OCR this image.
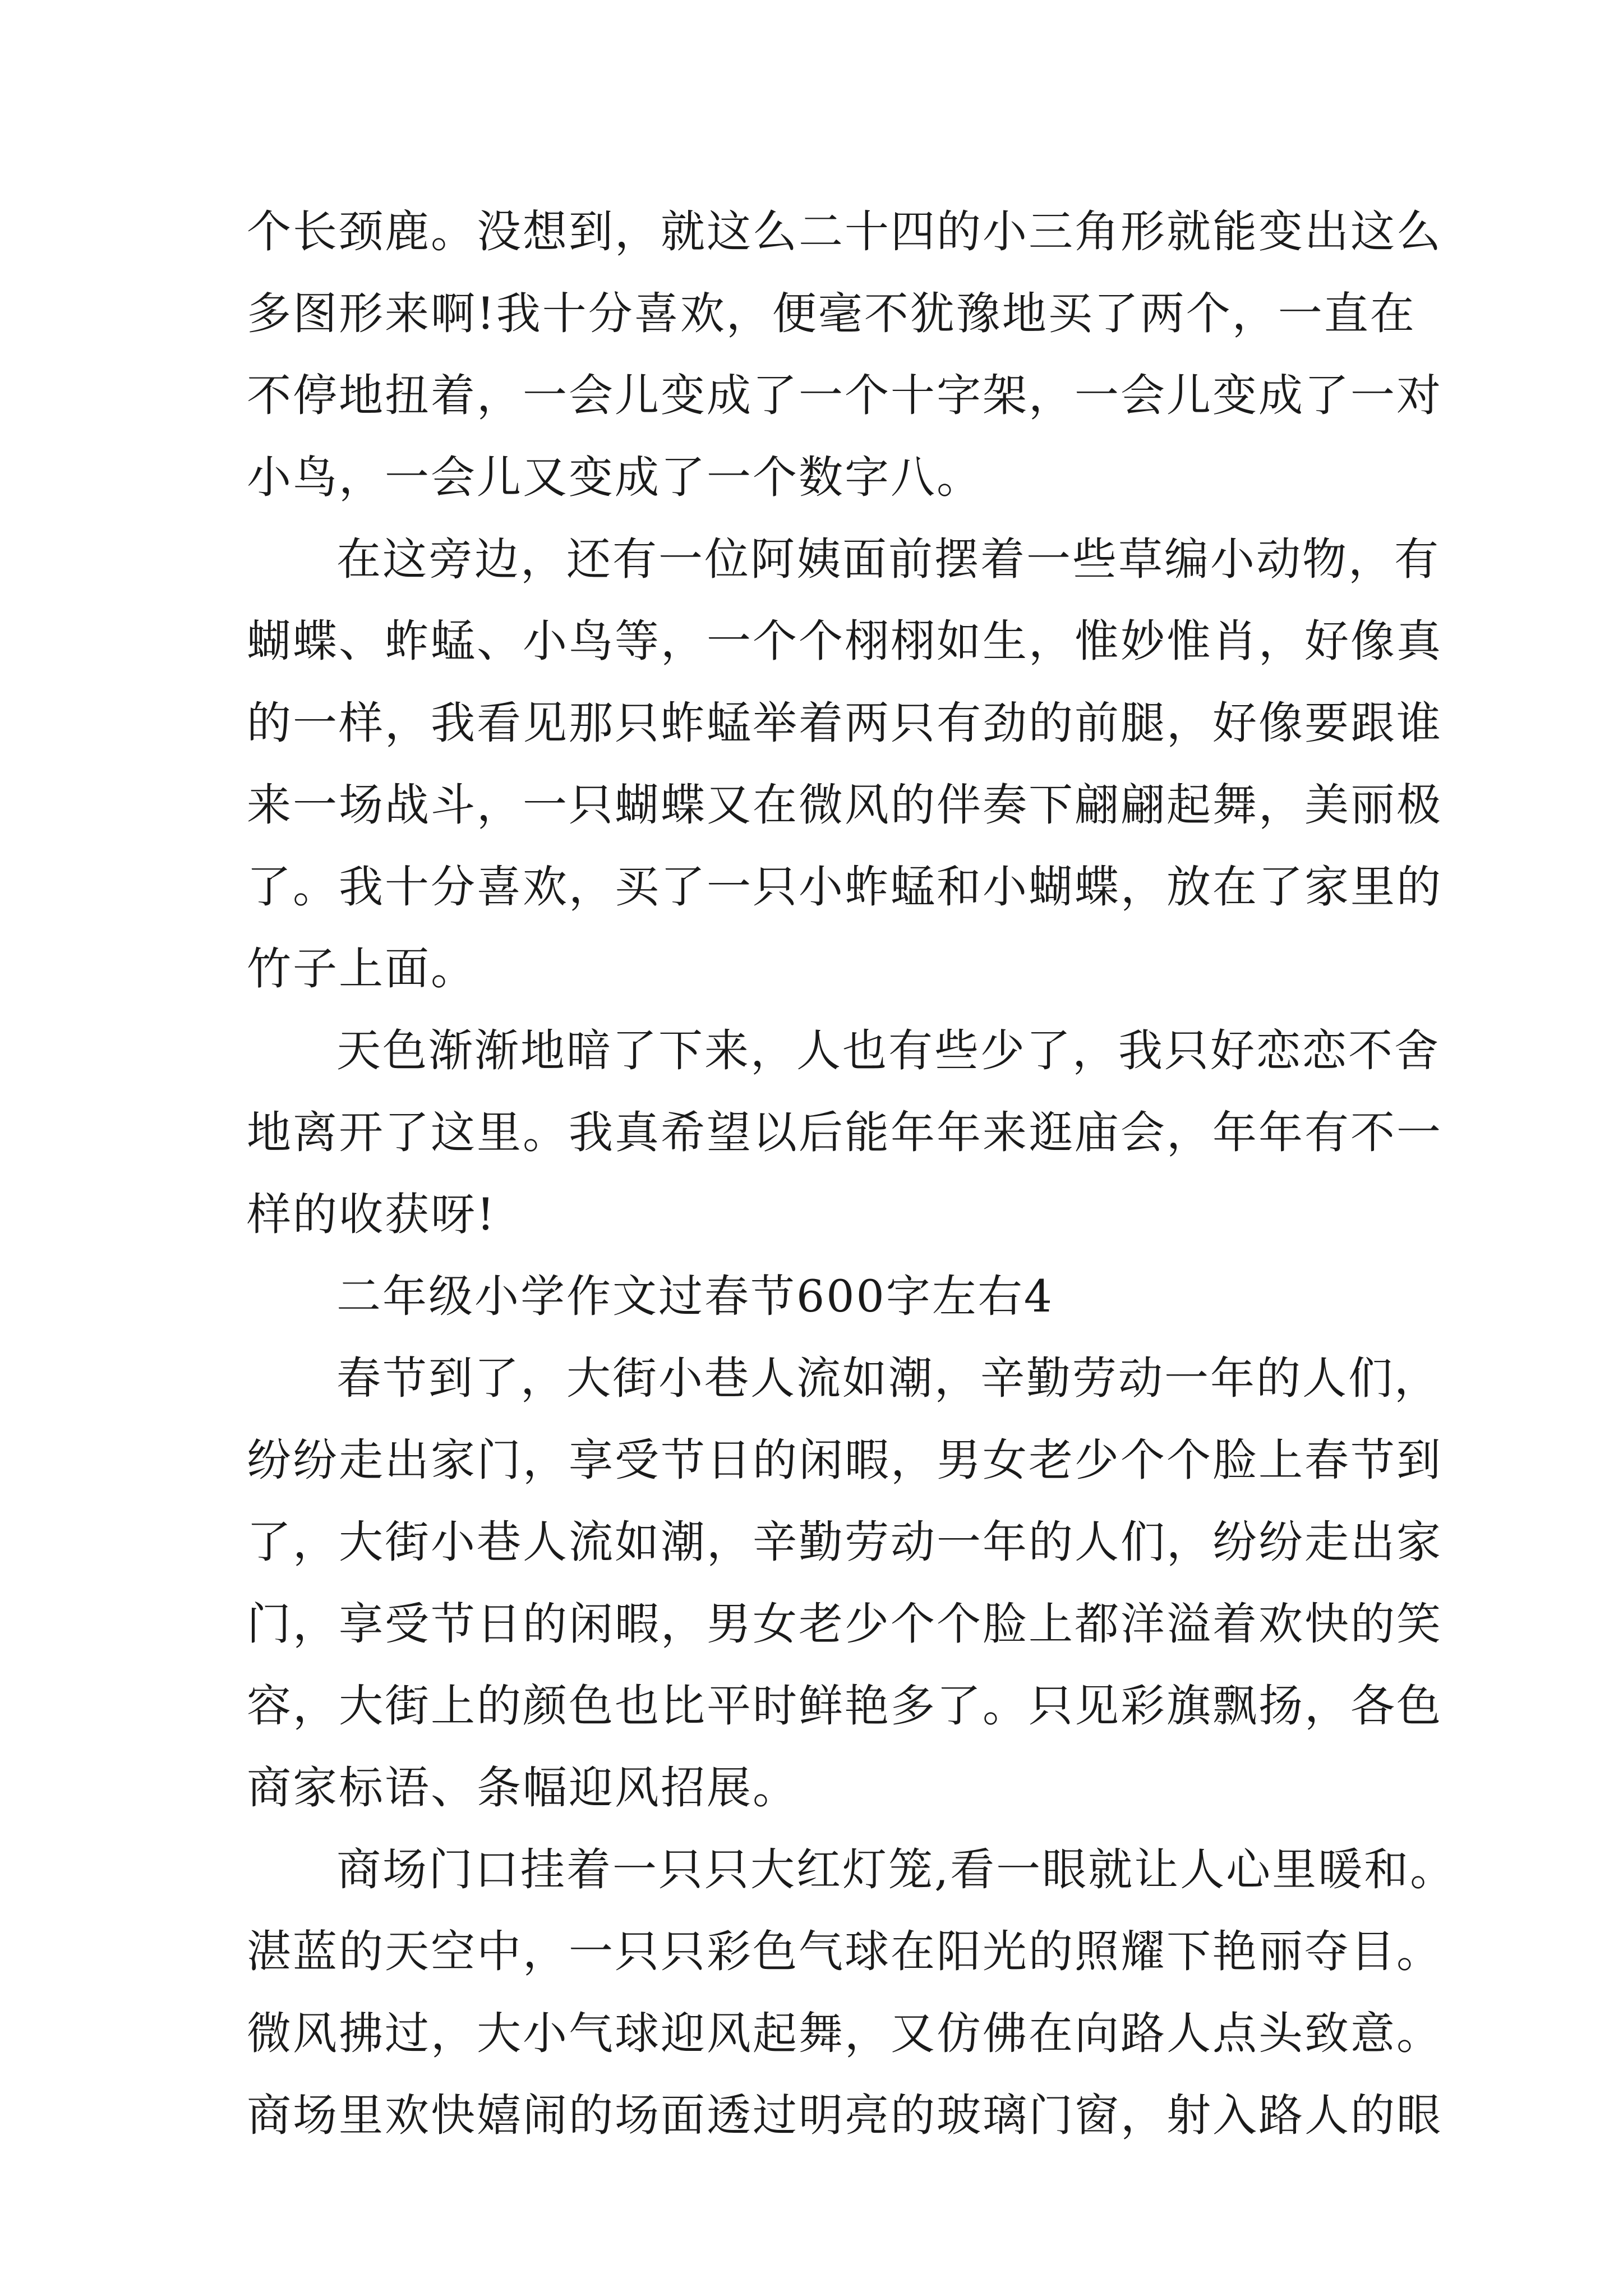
个长颈鹿。没想到，就这么二十四的小三角形就能变出这么
多图形来啊!我十分喜欢，便毫不犹豫地买了两个，一直在
不停地扭着，一会儿变成了一个十字架，一会儿变成了一对
小鸟，一会儿又变成了一个数字八。
在这旁边，还有一位阿姨面前摆着一些草编小动物，有
蝴蝶、蚱蜢、小鸟等，一个个栩栩如生，惟妙惟肖，好像真
的一样，我看见那只蚱蜢举着两只有劲的前腿，好像要跟谁
来一场战斗，一只蝴蝶又在微风的伴奏下翩翩起舞，美丽极
了。我十分喜欢，买了一只小蚱蜢和小蝴蝶，放在了家里的
竹子上面。
天色渐渐地暗了下来，人也有些少了，我只好恋恋不舍
地离开了这里。我真希望以后能年年来逛庙会，年年有不一
样的收获呀!
二年级小学作文过春节600字左右4
春节到了，大街小巷人流如潮，辛勤劳动一年的人们，
纷纷走出家门，享受节日的闲暇，男女老少个个脸上春节到
了，大街小巷人流如潮，辛勤劳动一年的人们，纷纷走出家
门，享受节日的闲暇，男女老少个个脸上都洋溢着欢快的笑
容，大街上的颜色也比平时鲜艳多了。只见彩旗飘扬，各色
商家标语、条幅迎风招展。
商场门口挂着一只只大红灯笼,看一眼就让人心里暖和。
湛蓝的天空中，一只只彩色气球在阳光的照耀下艳丽夺目。
微风拂过，大小气球迎风起舞，又仿佛在向路人点头致意。
商场里欢快嬉闹的场面透过明亮的玻璃门窗，射入路人的眼
